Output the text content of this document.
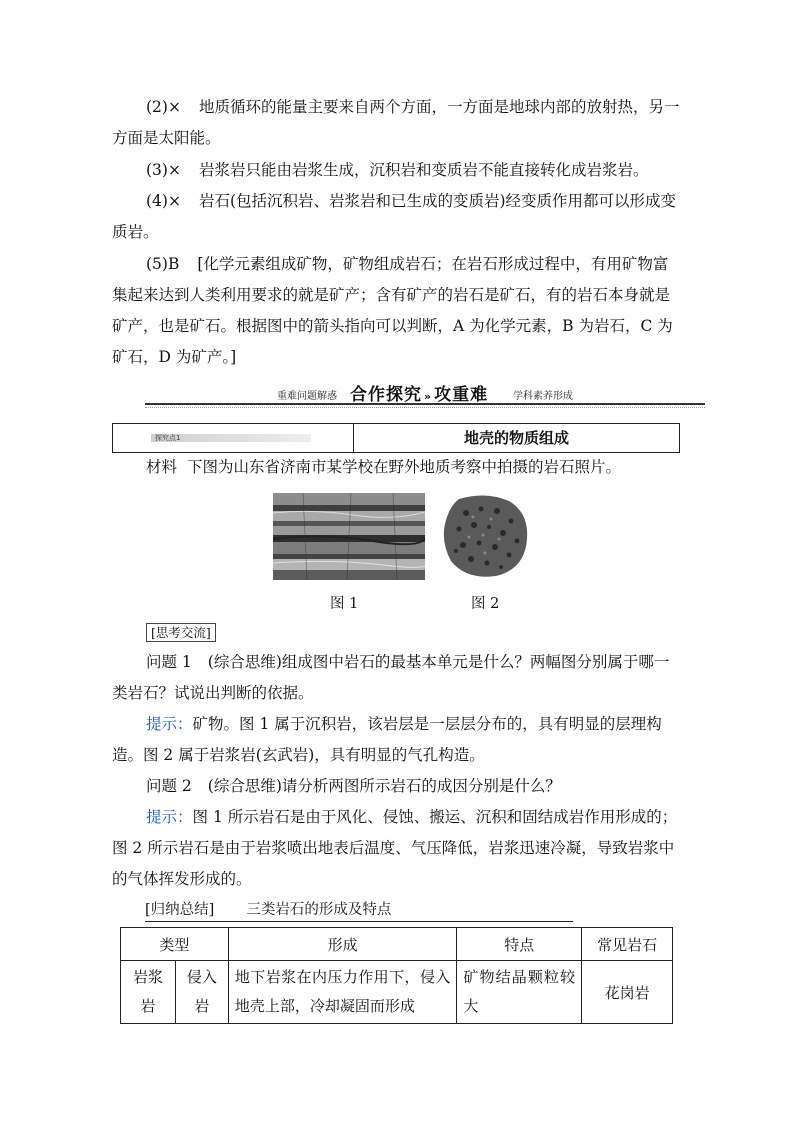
(2)× 地质循环的能量主要来自两个方面，一方面是地球内部的放射热，另一方面是太阳能。
(3)× 岩浆岩只能由岩浆生成，沉积岩和变质岩不能直接转化成岩浆岩。
(4)× 岩石(包括沉积岩、岩浆岩和已生成的变质岩)经变质作用都可以形成变质岩。
(5)B [化学元素组成矿物，矿物组成岩石；在岩石形成过程中，有用矿物富集起来达到人类利用要求的就是矿产；含有矿产的岩石是矿石，有的岩石本身就是矿产，也是矿石。根据图中的箭头指向可以判断，A 为化学元素，B 为岩石，C 为矿石，D 为矿产。]
重难问题解惑 合作探究 » 攻重难 学科素养形成
探究点1	地壳的物质组成
材料 下图为山东省济南市某学校在野外地质考察中拍摄的岩石照片。
图 1	图 2
[思考交流]
问题 1 (综合思维)组成图中岩石的最基本单元是什么？两幅图分别属于哪一类岩石？试说出判断的依据。
提示：矿物。图 1 属于沉积岩，该岩层是一层层分布的，具有明显的层理构造。图 2 属于岩浆岩(玄武岩)，具有明显的气孔构造。
问题 2 (综合思维)请分析两图所示岩石的成因分别是什么？
提示：图 1 所示岩石是由于风化、侵蚀、搬运、沉积和固结成岩作用形成的；图 2 所示岩石是由于岩浆喷出地表后温度、气压降低，岩浆迅速冷凝，导致岩浆中的气体挥发形成的。
[归纳总结] 三类岩石的形成及特点
类型		形成	特点	常见岩石
岩浆岩	侵入岩	地下岩浆在内压力作用下，侵入地壳上部，冷却凝固而形成	矿物结晶颗粒较大	花岗岩
